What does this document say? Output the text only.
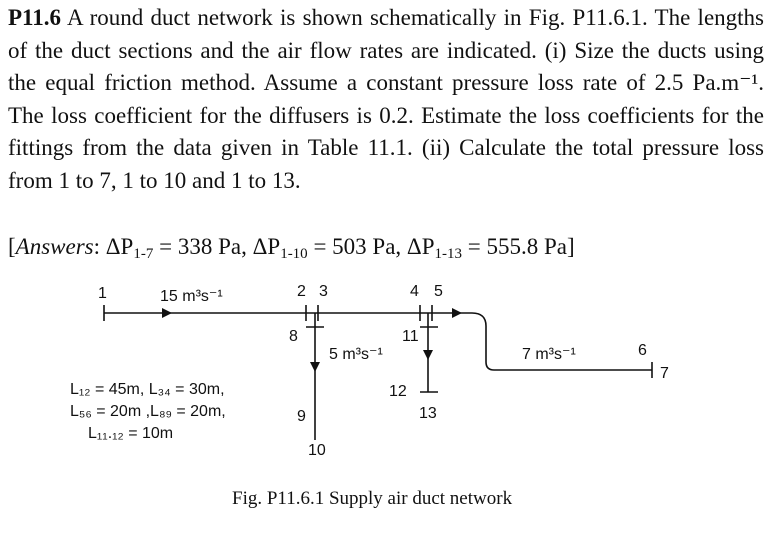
P11.6 A round duct network is shown schematically in Fig. P11.6.1. The lengths of the duct sections and the air flow rates are indicated. (i) Size the ducts using the equal friction method. Assume a constant pressure loss rate of 2.5 Pa.m⁻¹. The loss coefficient for the diffusers is 0.2. Estimate the loss coefficients for the fittings from the data given in Table 11.1. (ii) Calculate the total pressure loss from 1 to 7, 1 to 10 and 1 to 13.
[Answers: $\Delta P_{1-7} = 338$ Pa, $\Delta P_{1-10} = 503$ Pa, $\Delta P_{1-13} = 555.8$ Pa]
1	2 3	4 5
6
7
8
9
10
11
12
13
15 m³s⁻¹
5 m³s⁻¹	7 m³s⁻¹
L₁₂ = 45m, L₃₄ = 30m,
L₅₆ = 20m ,L₈₉ = 20m,
L₁₁.₁₂ = 10m
Fig. P11.6.1 Supply air duct network
